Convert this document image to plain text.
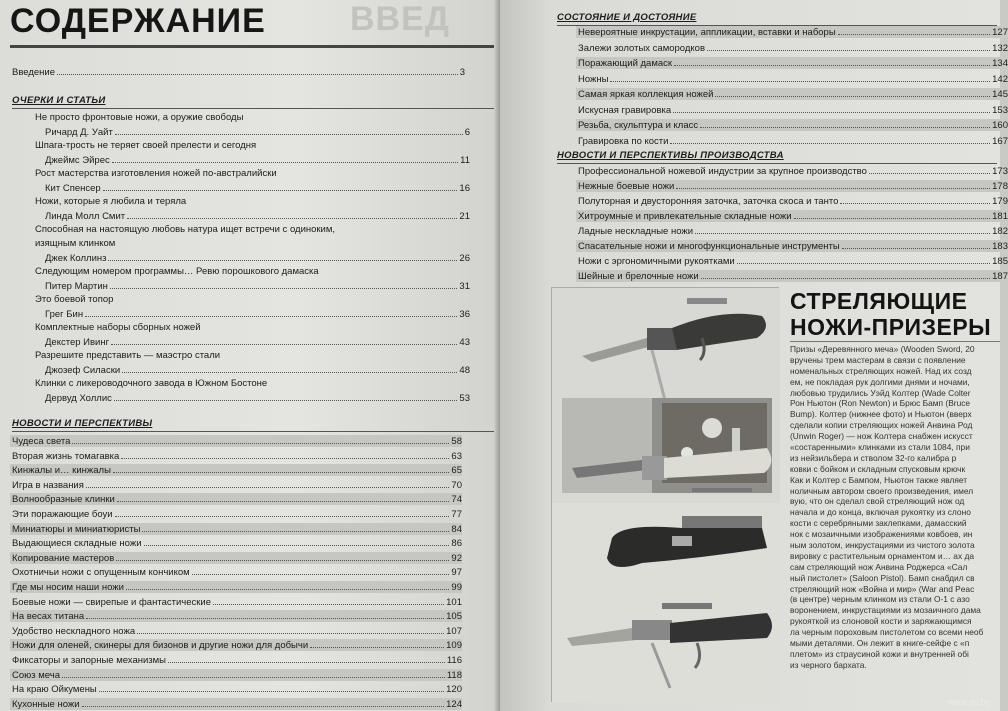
ВВЕД
СОДЕРЖАНИЕ
Введение	3
ОЧЕРКИ И СТАТЬИ
Не просто фронтовые ножи, а оружие свободы
Ричард Д. Уайт	6
Шпага-трость не теряет своей прелести и сегодня
Джеймс Эйрес	11
Рост мастерства изготовления ножей по-австралийски
Кит Спенсер	16
Ножи, которые я любила и теряла
Линда Молл Смит	21
Способная на настоящую любовь натура ищет встречи с одиноким,
изящным клинком
Джек Коллинз	26
Следующим номером программы… Ревю порошкового дамаска
Питер Мартин	31
Это боевой топор
Грег Бин	36
Комплектные наборы сборных ножей
Декстер Ивинг	43
Разрешите представить — маэстро стали
Джозеф Силаски	48
Клинки с ликероводочного завода в Южном Бостоне
Дервуд Холлис	53
НОВОСТИ И ПЕРСПЕКТИВЫ
Чудеса света	58
Вторая жизнь томагавка	63
Кинжалы и… кинжалы	65
Игра в названия	70
Волнообразные клинки	74
Эти поражающие боуи	77
Миниатюры и миниатюристы	84
Выдающиеся складные ножи	86
Копирование мастеров	92
Охотничьи ножи с опущенным кончиком	97
Где мы носим наши ножи	99
Боевые ножи — свирепые и фантастические	101
На весах титана	105
Удобство нескладного ножа	107
Ножи для оленей, скинеры для бизонов и другие ножи для добычи	109
Фиксаторы и запорные механизмы	116
Союз меча	118
На краю Ойкумены	120
Кухонные ножи	124
СОСТОЯНИЕ И ДОСТОЯНИЕ
Невероятные инкрустации, аппликации, вставки и наборы	127
Залежи золотых самородков	132
Поражающий дамаск	134
Ножны	142
Самая яркая коллекция ножей	145
Искусная гравировка	153
Резьба, скульптура и класс	160
Гравировка по кости	167
НОВОСТИ И ПЕРСПЕКТИВЫ ПРОИЗВОДСТВА
Профессиональной ножевой индустрии за крупное производство	173
Нежные боевые ножи	178
Полуторная и двусторонняя заточка, заточка скоса и танто	179
Хитроумные и привлекательные складные ножи	181
Ладные нескладные ножи	182
Спасательные ножи и многофункциональные инструменты	183
Ножи с эргономичными рукоятками	185
Шейные и брелочные ножи	187
СТРЕЛЯЮЩИЕ
НОЖИ-ПРИЗЕРЫ
Призы «Деревянного меча» (Wooden Sword, 20
вручены трем мастерам в связи с появление
номенальных стреляющих ножей. Над их созд
ем, не покладая рук долгими днями и ночами,
любовью трудились Уэйд Колтер (Wade Colter
Рон Ньютон (Ron Newton) и Брюс Бамп (Bruce
Bump). Колтер (нижнее фото) и Ньютон (вверх
сделали копии стреляющих ножей Анвина Род
(Unwin Roger) — нож Колтера снабжен искусст
«состаренными» клинками из стали 1084, при
из нейзильбера и стволом 32-го калибра р
ковки с бойком и складным спусковым крючк
Как и Колтер с Бампом, Ньютон также являет
ноличным автором своего произведения, имел
вую, что он сделал свой стреляющий нож од
начала и до конца, включая рукоятку из слоно
кости с серебряными заклепками, дамасский
нок с мозаичными изображениями ковбоев, ин
ным золотом, инкрустациями из чистого золота
вировку с растительным орнаментом и… ах да
сам стреляющий нож Анвина Роджерса «Сал
ный пистолет» (Saloon Pistol). Бамп снабдил св
стреляющий нож «Война и мир» (War and Peac
(в центре) черным клинком из стали О-1 с азо
воронением, инкрустациями из мозаичного дама
рукояткой из слоновой кости и заряжающимся
ла черным пороховым пистолетом со всеми необ
мыми деталями. Он лежит в книге-сейфе с «п
плетом» из страусиной кожи и внутренней обі
из черного бархата.
www.ay.by
